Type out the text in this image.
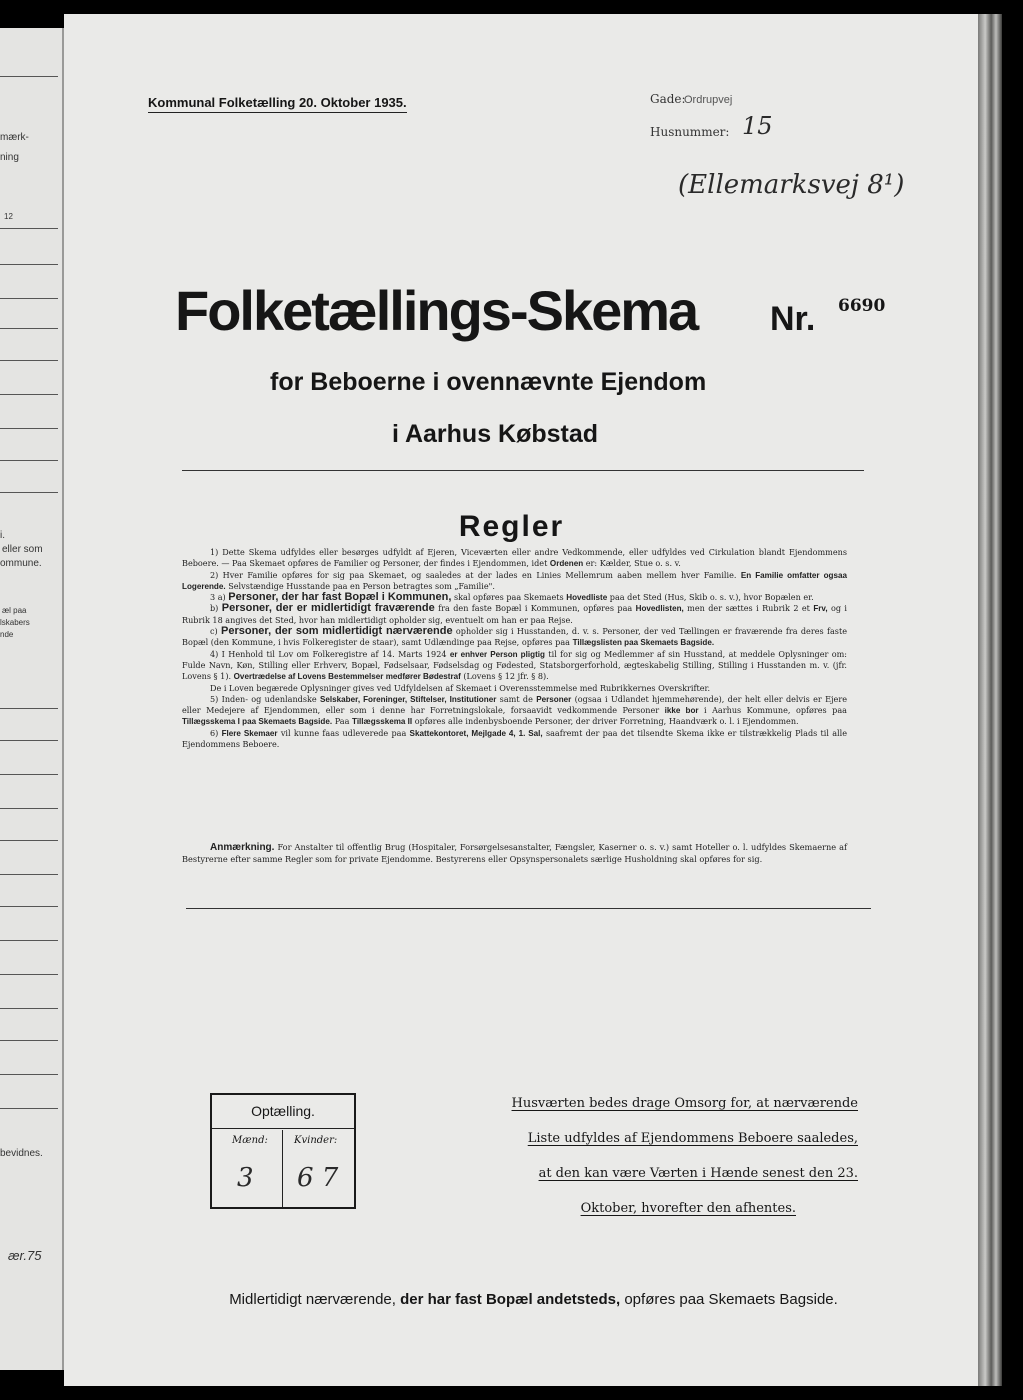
mærk-
ning
12
i.
eller som
ommune.
æl paa
lskabers
nde
bevidnes.
ær.75
Kommunal Folketælling 20. Oktober 1935.	Gade:
Ordrupvej
Husnummer: 15
(Ellemarksvej 8¹)
Folketællings-Skema Nr. 6690
for Beboerne i ovennævnte Ejendom
i Aarhus Købstad
Regler

1) Dette Skema udfyldes eller besørges udfyldt af Ejeren, Viceværten eller andre Vedkommende, eller udfyldes ved Cirkulation blandt Ejendommens Beboere. — Paa Skemaet opføres de Familier og Personer, der findes i Ejendommen, idet Ordenen er: Kælder, Stue o. s. v.

2) Hver Familie opføres for sig paa Skemaet, og saaledes at der lades en Linies Mellemrum aaben mellem hver Familie. En Familie omfatter ogsaa Logerende. Selvstændige Husstande paa en Person betragtes som „Familie".

3 a) Personer, der har fast Bopæl i Kommunen, skal opføres paa Skemaets Hovedliste paa det Sted (Hus, Skib o. s. v.), hvor Bopælen er.

b) Personer, der er midlertidigt fraværende fra den faste Bopæl i Kommunen, opføres paa Hovedlisten, men der sættes i Rubrik 2 et Frv, og i Rubrik 18 angives det Sted, hvor han midlertidigt opholder sig, eventuelt om han er paa Rejse.

c) Personer, der som midlertidigt nærværende opholder sig i Husstanden, d. v. s. Personer, der ved Tællingen er fraværende fra deres faste Bopæl (den Kommune, i hvis Folkeregister de staar), samt Udlændinge paa Rejse, opføres paa Tillægslisten paa Skemaets Bagside.

4) I Henhold til Lov om Folkeregistre af 14. Marts 1924 er enhver Person pligtig til for sig og Medlemmer af sin Husstand, at meddele Oplysninger om: Fulde Navn, Køn, Stilling eller Erhverv, Bopæl, Fødselsaar, Fødselsdag og Fødested, Statsborgerforhold, ægteskabelig Stilling, Stilling i Husstanden m. v. (jfr. Lovens § 1). Overtrædelse af Lovens Bestemmelser medfører Bødestraf (Lovens § 12 jfr. § 8).

De i Loven begærede Oplysninger gives ved Udfyldelsen af Skemaet i Overensstemmelse med Rubrikkernes Overskrifter.

5) Inden- og udenlandske Selskaber, Foreninger, Stiftelser, Institutioner samt de Personer (ogsaa i Udlandet hjemmehørende), der helt eller delvis er Ejere eller Medejere af Ejendommen, eller som i denne har Forretningslokale, forsaavidt vedkommende Personer ikke bor i Aarhus Kommune, opføres paa Tillægsskema I paa Skemaets Bagside. Paa Tillægsskema II opføres alle indenbysboende Personer, der driver Forretning, Haandværk o. l. i Ejendommen.

6) Flere Skemaer vil kunne faas udleverede paa Skattekontoret, Mejlgade 4, 1. Sal, saafremt der paa det tilsendte Skema ikke er tilstrækkelig Plads til alle Ejendommens Beboere.

Anmærkning. For Anstalter til offentlig Brug (Hospitaler, Forsørgelsesanstalter, Fængsler, Kaserner o. s. v.) samt Hoteller o. l. udfyldes Skemaerne af Bestyrerne efter samme Regler som for private Ejendomme. Bestyrerens eller Opsynspersonalets særlige Husholdning skal opføres for sig.

Optælling.
Mænd:	Kvinder:
3 6 7
Husværten bedes drage Omsorg for, at nærværende
Liste udfyldes af Ejendommens Beboere saaledes,
at den kan være Værten i Hænde senest den 23.
Oktober, hvorefter den afhentes.
Midlertidigt nærværende, der har fast Bopæl andetsteds, opføres paa Skemaets Bagside.
